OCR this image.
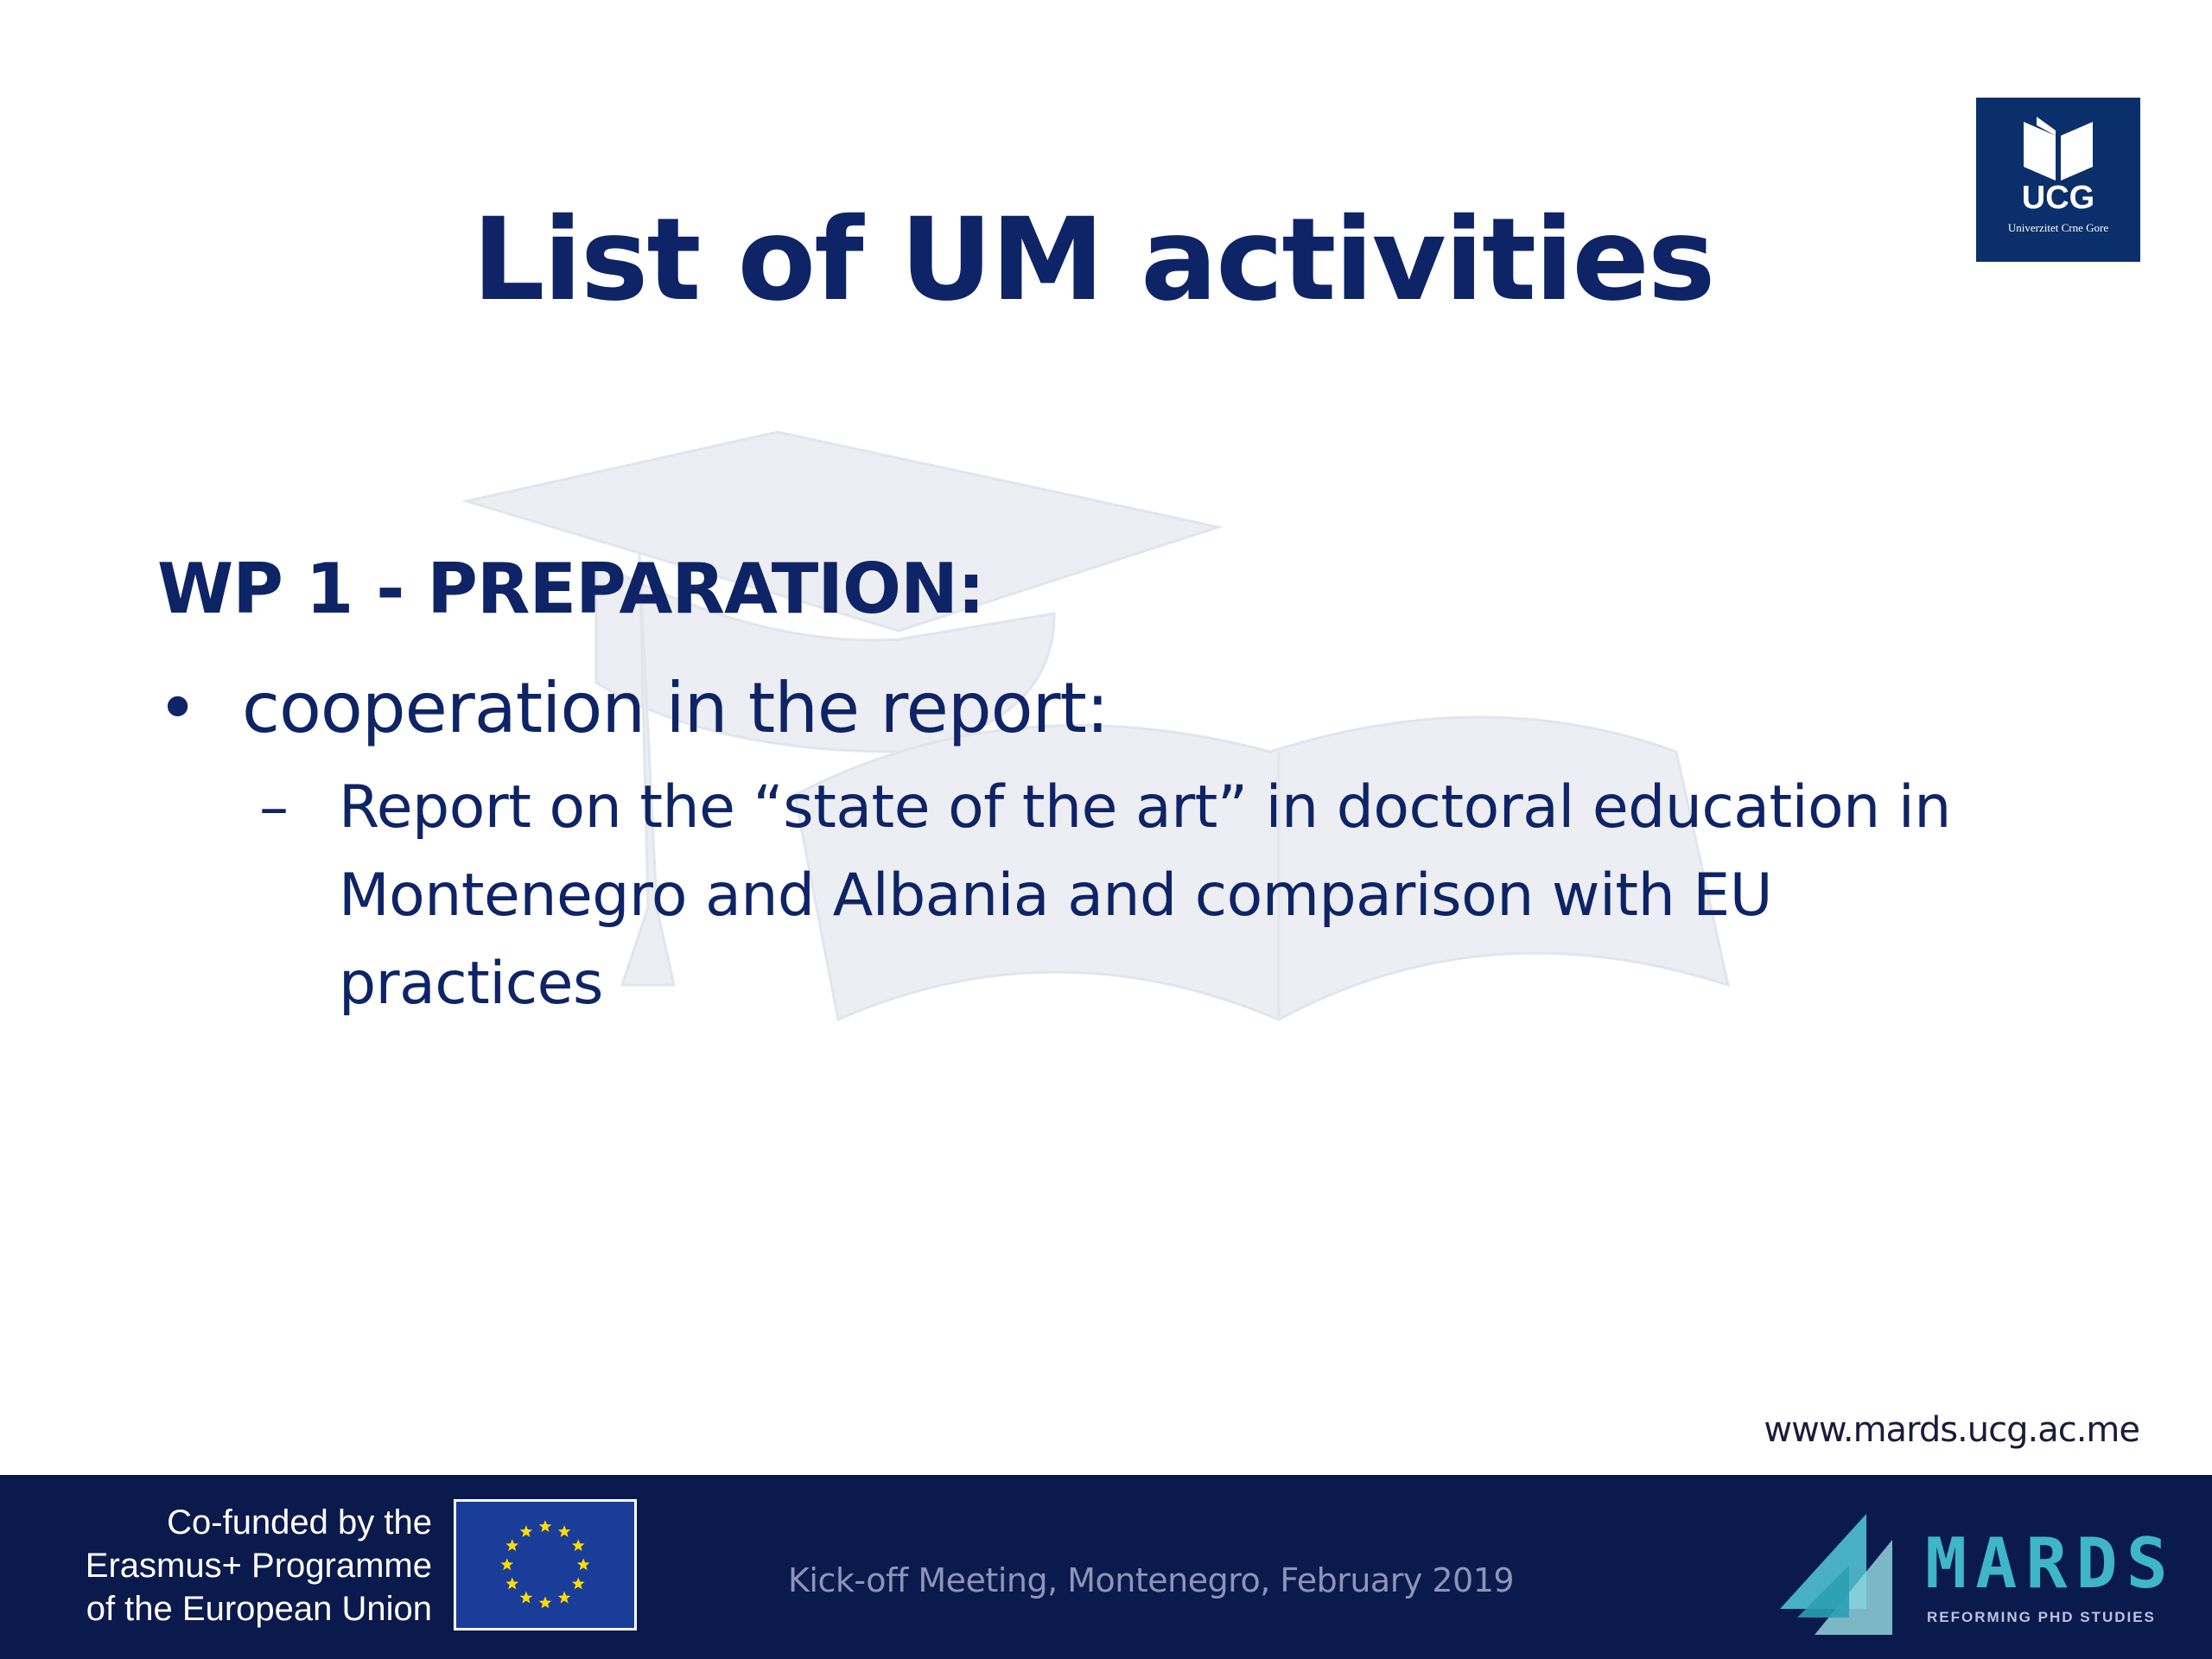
List of UM activities	UCG
Univerzitet Crne Gore
WP 1 - PREPARATION:
• cooperation in the report:
– Report on the “state of the art” in doctoral education in Montenegro and Albania and comparison with EU practices
www.mards.ucg.ac.me
Co-funded by the
Erasmus+ Programme
of the European Union
Kick-off Meeting, Montenegro, February 2019	MARDS
REFORMING PHD STUDIES
